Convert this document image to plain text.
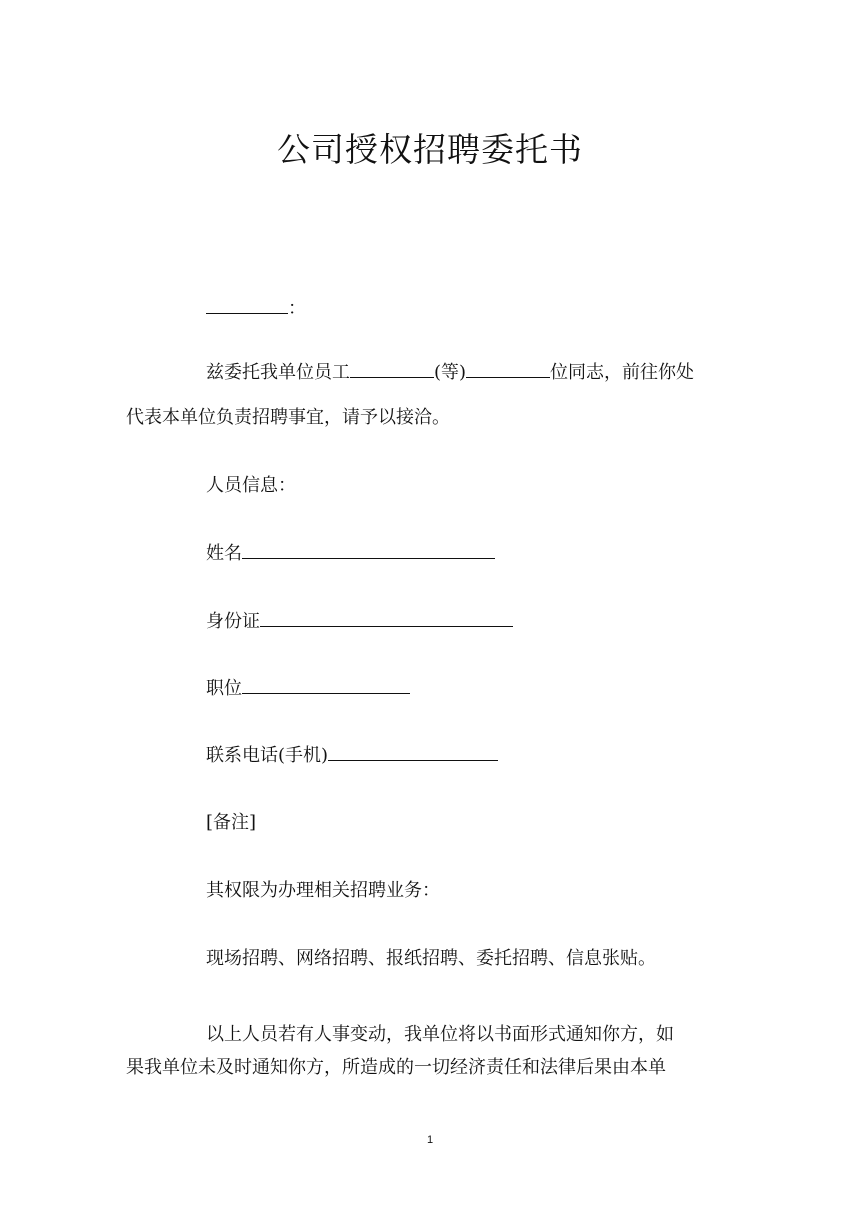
公司授权招聘委托书
：
兹委托我单位员工	(等)	位同志，前往你处
代表本单位负责招聘事宜，请予以接洽。
人员信息：
姓名
身份证
职位
联系电话(手机)
[备注]
其权限为办理相关招聘业务：
现场招聘、网络招聘、报纸招聘、委托招聘、信息张贴。
以上人员若有人事变动，我单位将以书面形式通知你方，如
果我单位未及时通知你方，所造成的一切经济责任和法律后果由本单
1
